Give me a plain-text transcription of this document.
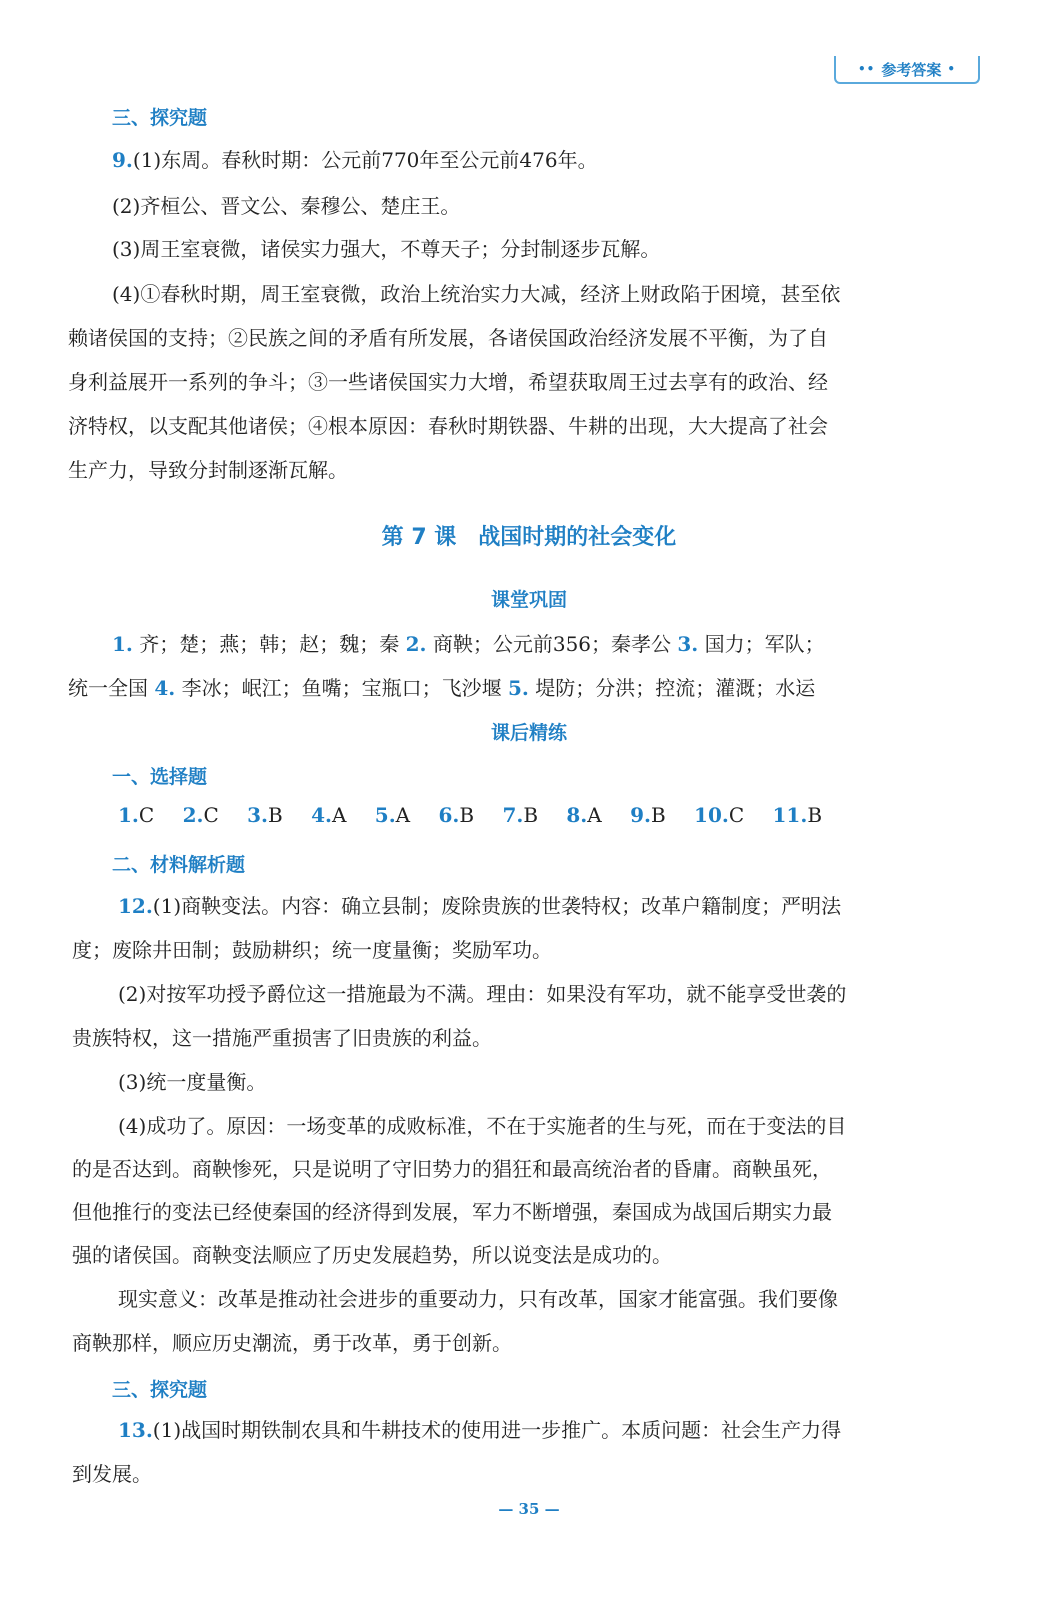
•• 参考答案 •
三、探究题
9.(1)东周。春秋时期：公元前770年至公元前476年。
(2)齐桓公、晋文公、秦穆公、楚庄王。
(3)周王室衰微，诸侯实力强大，不尊天子；分封制逐步瓦解。
(4)①春秋时期，周王室衰微，政治上统治实力大减，经济上财政陷于困境，甚至依
赖诸侯国的支持；②民族之间的矛盾有所发展，各诸侯国政治经济发展不平衡，为了自
身利益展开一系列的争斗；③一些诸侯国实力大增，希望获取周王过去享有的政治、经
济特权，以支配其他诸侯；④根本原因：春秋时期铁器、牛耕的出现，大大提高了社会
生产力，导致分封制逐渐瓦解。
第 7 课　战国时期的社会变化
课堂巩固
1. 齐；楚；燕；韩；赵；魏；秦 2. 商鞅；公元前356；秦孝公 3. 国力；军队；
统一全国 4. 李冰；岷江；鱼嘴；宝瓶口；飞沙堰 5. 堤防；分洪；控流；灌溉；水运
课后精练
一、选择题
1.C 2.C 3.B 4.A 5.A 6.B 7.B 8.A 9.B 10.C 11.B
二、材料解析题
12.(1)商鞅变法。内容：确立县制；废除贵族的世袭特权；改革户籍制度；严明法
度；废除井田制；鼓励耕织；统一度量衡；奖励军功。
(2)对按军功授予爵位这一措施最为不满。理由：如果没有军功，就不能享受世袭的
贵族特权，这一措施严重损害了旧贵族的利益。
(3)统一度量衡。
(4)成功了。原因：一场变革的成败标准，不在于实施者的生与死，而在于变法的目
的是否达到。商鞅惨死，只是说明了守旧势力的猖狂和最高统治者的昏庸。商鞅虽死，
但他推行的变法已经使秦国的经济得到发展，军力不断增强，秦国成为战国后期实力最
强的诸侯国。商鞅变法顺应了历史发展趋势，所以说变法是成功的。
现实意义：改革是推动社会进步的重要动力，只有改革，国家才能富强。我们要像
商鞅那样，顺应历史潮流，勇于改革，勇于创新。
三、探究题
13.(1)战国时期铁制农具和牛耕技术的使用进一步推广。本质问题：社会生产力得
到发展。
— 35 —
